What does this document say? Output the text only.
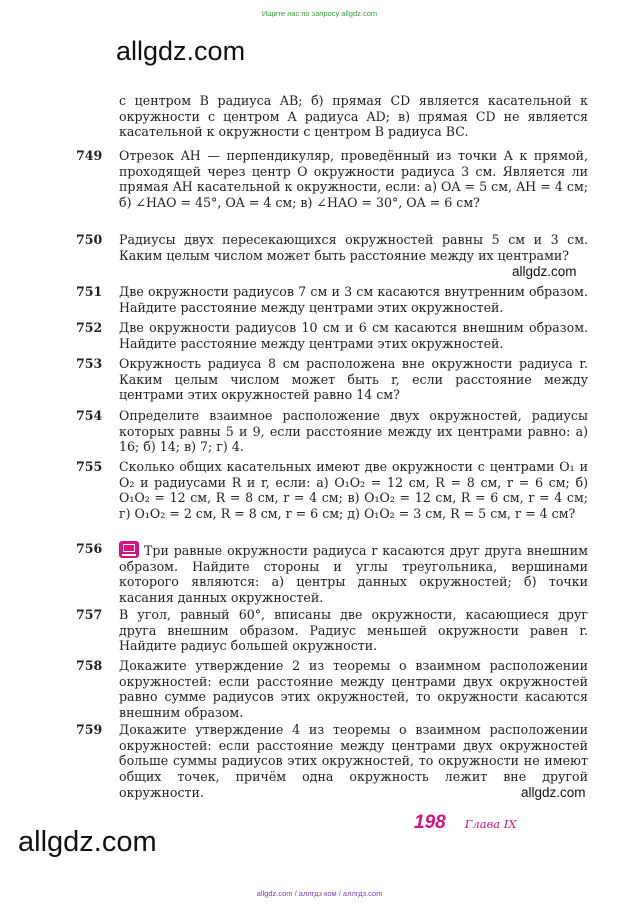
Ищите нас по запросу allgdz.com
allgdz.com
с центром B радиуса AB; б) прямая CD является касательной к окружности с центром A радиуса AD; в) прямая CD не является касательной к окружности с центром B радиуса BC.
749	Отрезок AH — перпендикуляр, проведённый из точки A к прямой, проходящей через центр O окружности радиуса 3 см. Является ли прямая AH касательной к окружности, если: а) OA = 5 см, AH = 4 см; б) ∠HAO = 45°, OA = 4 см; в) ∠HAO = 30°, OA = 6 см?
750	Радиусы двух пересекающихся окружностей равны 5 см и 3 см. Каким целым числом может быть расстояние между их центрами?
allgdz.com
751	Две окружности радиусов 7 см и 3 см касаются внутренним образом. Найдите расстояние между центрами этих окружностей.
752	Две окружности радиусов 10 см и 6 см касаются внешним образом. Найдите расстояние между центрами этих окружностей.
753	Окружность радиуса 8 см расположена вне окружности радиуса r. Каким целым числом может быть r, если расстояние между центрами этих окружностей равно 14 см?
754	Определите взаимное расположение двух окружностей, радиусы которых равны 5 и 9, если расстояние между их центрами равно: а) 16; б) 14; в) 7; г) 4.
755	Сколько общих касательных имеют две окружности с центрами O₁ и O₂ и радиусами R и r, если: а) O₁O₂ = 12 см, R = 8 см, r = 6 см; б) O₁O₂ = 12 см, R = 8 см, r = 4 см; в) O₁O₂ = 12 см, R = 6 см, r = 4 см; г) O₁O₂ = 2 см, R = 8 см, r = 6 см; д) O₁O₂ = 3 см, R = 5 см, r = 4 см?
756	Три равные окружности радиуса r касаются друг друга внешним образом. Найдите стороны и углы треугольника, вершинами которого являются: а) центры данных окружностей; б) точки касания данных окружностей.
757	В угол, равный 60°, вписаны две окружности, касающиеся друг друга внешним образом. Радиус меньшей окружности равен r. Найдите радиус большей окружности.
758	Докажите утверждение 2 из теоремы о взаимном расположении окружностей: если расстояние между центрами двух окружностей равно сумме радиусов этих окружностей, то окружности касаются внешним образом.
759	Докажите утверждение 4 из теоремы о взаимном расположении окружностей: если расстояние между центрами двух окружностей больше суммы радиусов этих окружностей, то окружности не имеют общих точек, причём одна окружность лежит вне другой окружности.	allgdz.com
198 Глава IX
allgdz.com
allgdz.com / аллгдз ком / аллгдз.com
